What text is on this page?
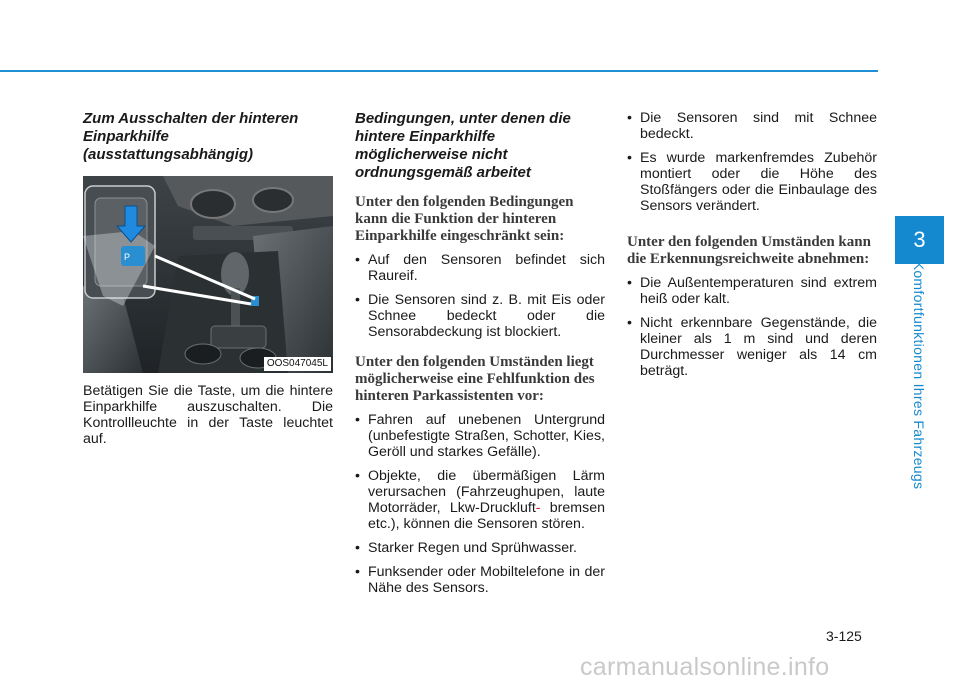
3
Komfortfunktionen Ihres Fahrzeugs

Zum Ausschalten der hinteren Einparkhilfe (ausstattungsabhängig)

P
OOS047045L

Betätigen Sie die Taste, um die hintere Einparkhilfe auszuschalten. Die Kontrollleuchte in der Taste leuchtet auf.

Bedingungen, unter denen die hintere Einparkhilfe möglicherweise nicht ordnungsgemäß arbeitet

Unter den folgenden Bedingungen kann die Funktion der hinteren Einparkhilfe eingeschränkt sein:

• Auf den Sensoren befindet sich Raureif.
• Die Sensoren sind z. B. mit Eis oder Schnee bedeckt oder die Sensorabdeckung ist blockiert.

Unter den folgenden Umständen liegt möglicherweise eine Fehlfunktion des hinteren Parkassistenten vor:

• Fahren auf unebenen Untergrund (unbefestigte Straßen, Schotter, Kies, Geröll und starkes Gefälle).
• Objekte, die übermäßigen Lärm verursachen (Fahrzeughupen, laute Motorräder, Lkw-Druckluft- bremsen etc.), können die Sensoren stören.
• Starker Regen und Sprühwasser.
• Funksender oder Mobiltelefone in der Nähe des Sensors.
• Die Sensoren sind mit Schnee bedeckt.
• Es wurde markenfremdes Zubehör montiert oder die Höhe des Stoßfängers oder die Einbaulage des Sensors verändert.

Unter den folgenden Umständen kann die Erkennungsreichweite abnehmen:

• Die Außentemperaturen sind extrem heiß oder kalt.
• Nicht erkennbare Gegenstände, die kleiner als 1 m sind und deren Durchmesser weniger als 14 cm beträgt.
3-125
carmanualsonline.info
